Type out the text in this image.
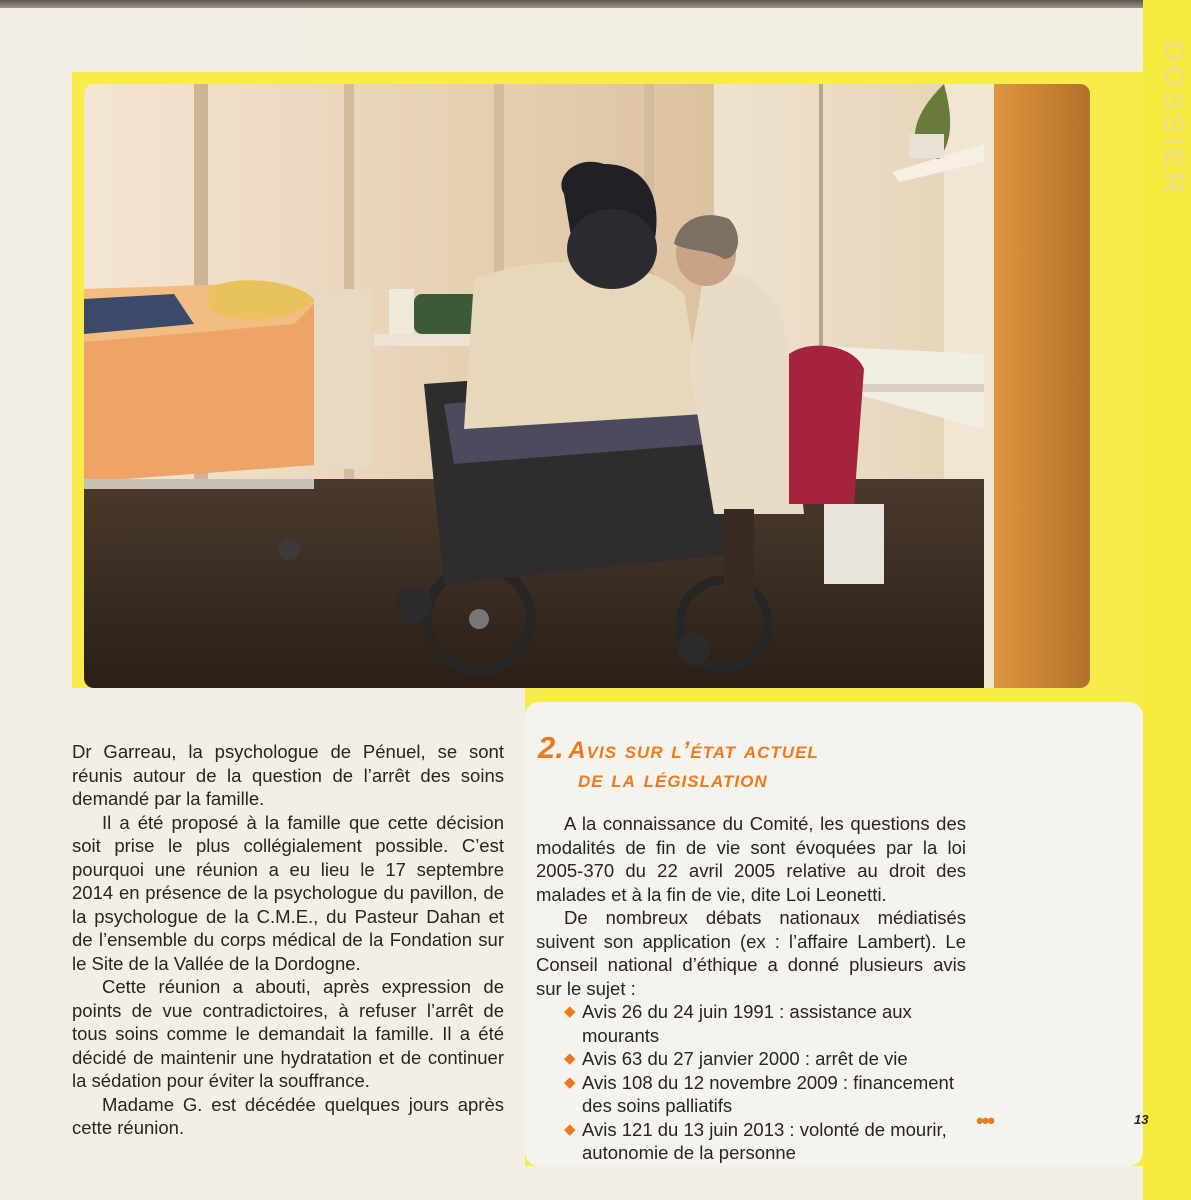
DOSSIER

Dr Garreau, la psychologue de Pénuel, se sont réunis autour de la question de l’arrêt des soins demandé par la famille.

Il a été proposé à la famille que cette décision soit prise le plus collégialement possible. C’est pourquoi une réunion a eu lieu le 17 septembre 2014 en présence de la psychologue du pavillon, de la psychologue de la C.M.E., du Pasteur Dahan et de l’ensemble du corps médical de la Fondation sur le Site de la Vallée de la Dordogne.

Cette réunion a abouti, après expression de points de vue contradictoires, à refuser l’arrêt de tous soins comme le demandait la famille. Il a été décidé de maintenir une hydratation et de continuer la sédation pour éviter la souffrance.

Madame G. est décédée quelques jours après cette réunion.

2. Avis sur l’état actuel
de la législation

A la connaissance du Comité, les questions des modalités de fin de vie sont évoquées par la loi 2005-370 du 22 avril 2005 relative au droit des malades et à la fin de vie, dite Loi Leonetti.

De nombreux débats nationaux médiatisés suivent son application (ex : l’affaire Lambert). Le Conseil national d’éthique a donné plusieurs avis sur le sujet :

◆ Avis 26 du 24 juin 1991 : assistance aux mourants
◆ Avis 63 du 27 janvier 2000 : arrêt de vie
◆ Avis 108 du 12 novembre 2009 : financement des soins palliatifs
◆ Avis 121 du 13 juin 2013 : volonté de mourir, autonomie de la personne
•••	13
